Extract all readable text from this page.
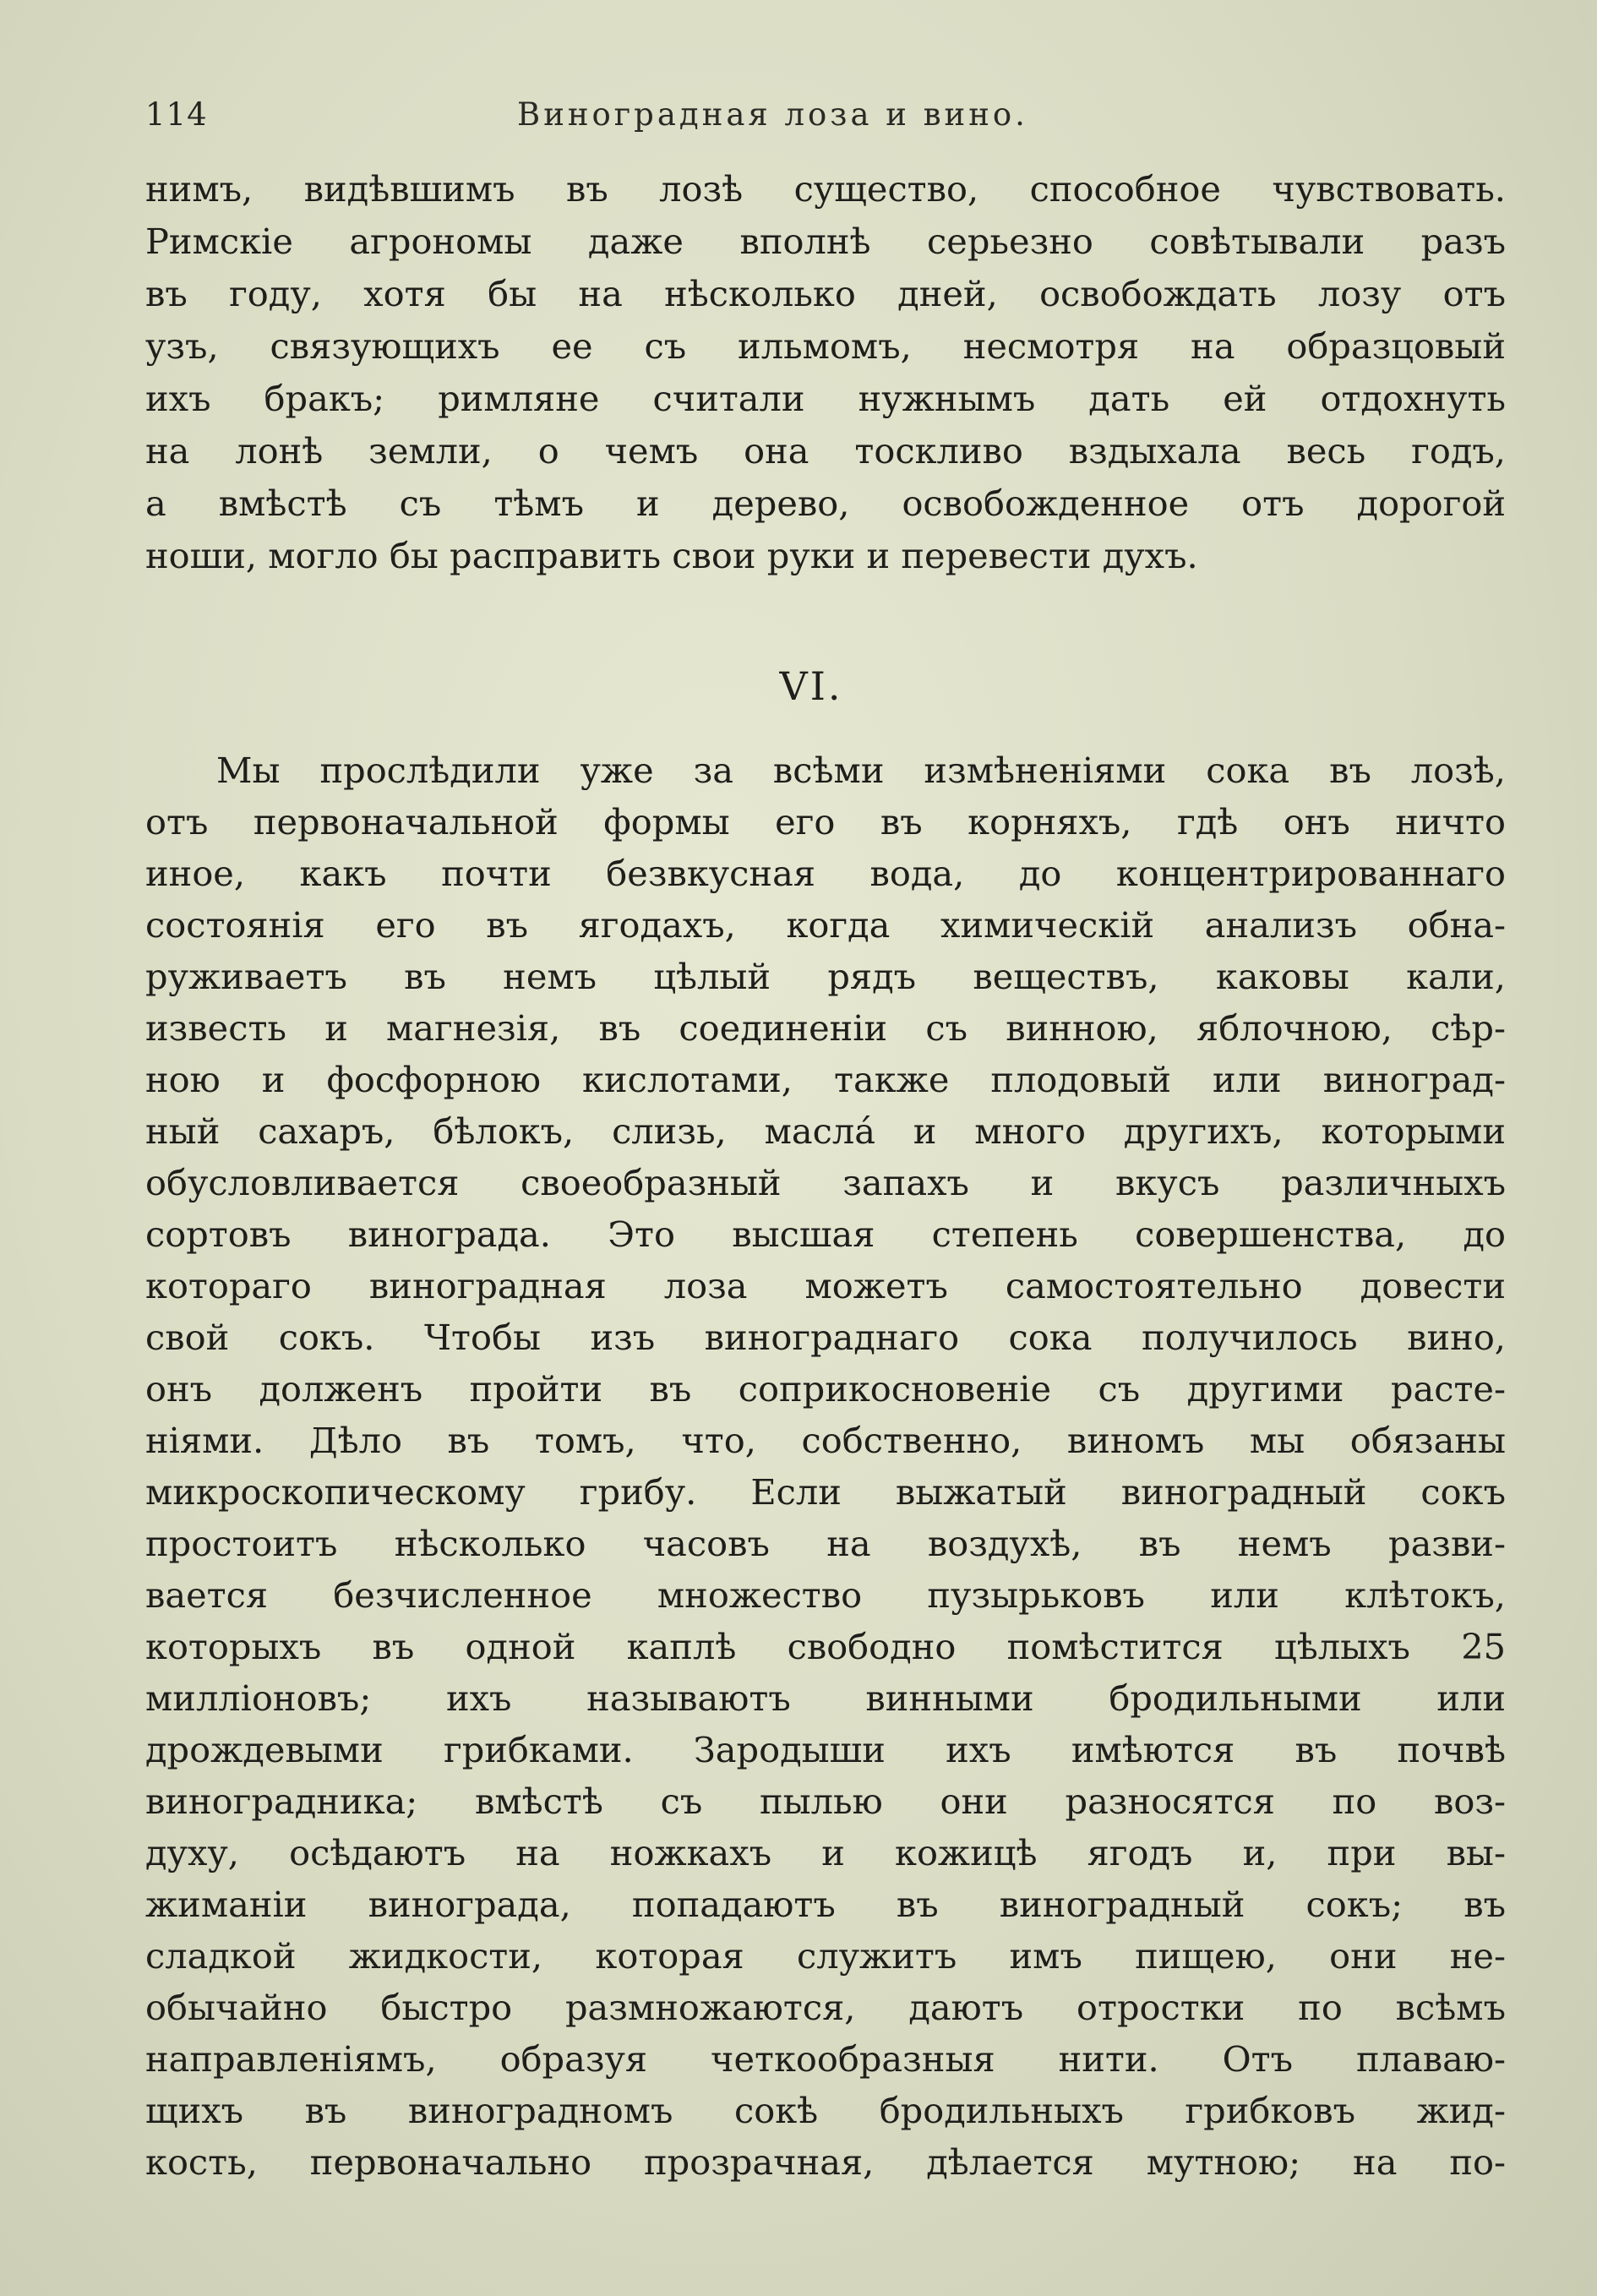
114	Виноградная лоза и вино.
нимъ, видѣвшимъ въ лозѣ существо, способное чувствовать.
Римскіе агрономы даже вполнѣ серьезно совѣтывали разъ
въ году, хотя бы на нѣсколько дней, освобождать лозу отъ
узъ, связующихъ ее съ ильмомъ, несмотря на образцовый
ихъ бракъ; римляне считали нужнымъ дать ей отдохнуть
на лонѣ земли, о чемъ она тоскливо вздыхала весь годъ,
а вмѣстѣ съ тѣмъ и дерево, освобожденное отъ дорогой
ноши, могло бы расправить свои руки и перевести духъ.
VI.
Мы прослѣдили уже за всѣми измѣненіями сока въ лозѣ,
отъ первоначальной формы его въ корняхъ, гдѣ онъ ничто
иное, какъ почти безвкусная вода, до концентрированнаго
состоянія его въ ягодахъ, когда химическій анализъ обна-
руживаетъ въ немъ цѣлый рядъ веществъ, каковы кали,
известь и магнезія, въ соединеніи съ винною, яблочною, сѣр-
ною и фосфорною кислотами, также плодовый или виноград-
ный сахаръ, бѣлокъ, слизь, масла́ и много другихъ, которыми
обусловливается своеобразный запахъ и вкусъ различныхъ
сортовъ винограда. Это высшая степень совершенства, до
котораго виноградная лоза можетъ самостоятельно довести
свой сокъ. Чтобы изъ виноградн​аго сока получилось вино,
онъ долженъ пройти въ соприкосновеніе съ другими расте-
ніями. Дѣло въ томъ, что, собственно, виномъ мы обязаны
микроскопическому грибу. Если выжатый виноградный сокъ
простоитъ нѣсколько часовъ на воздухѣ, въ немъ разви-
вается безчисленное множество пузырьковъ или клѣтокъ,
которыхъ въ одной каплѣ свободно помѣстится цѣлыхъ 25
милліоновъ; ихъ называютъ винными бродильными или
дрождевыми грибками. Зародыши ихъ имѣются въ почвѣ
виноградника; вмѣстѣ съ пылью они разносятся по воз-
духу, осѣдаютъ на ножкахъ и кожицѣ ягодъ и, при вы-
жиманіи винограда, попадаютъ въ виноградный сокъ; въ
сладкой жидкости, которая служитъ имъ пищею, они не-
обычайно быстро размножаются, даютъ отростки по всѣмъ
направленіямъ, образуя четкообразныя нити. Отъ плаваю-
щихъ въ виноградномъ сокѣ бродильныхъ грибковъ жид-
кость, первоначально прозрачная, дѣлается мутною; на по-
